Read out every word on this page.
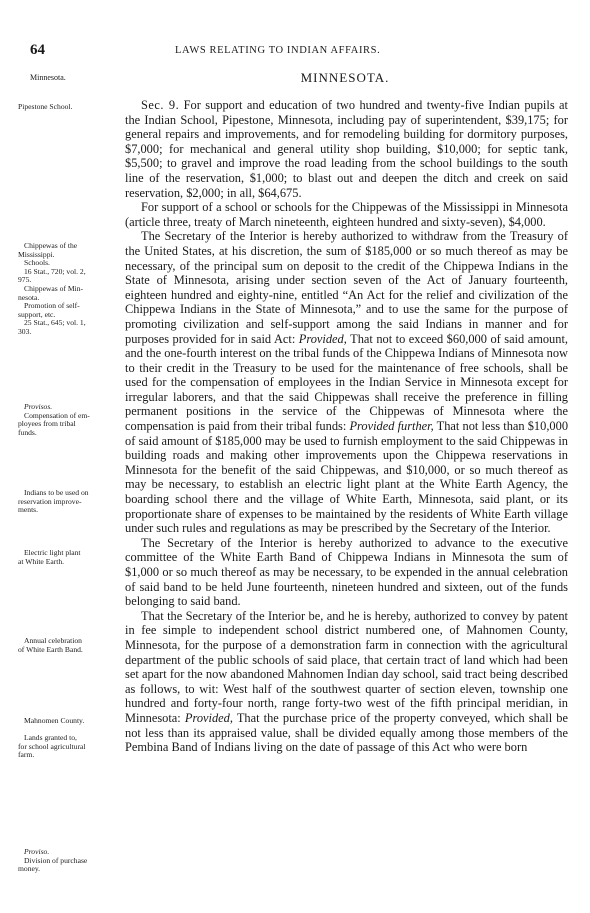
64	LAWS RELATING TO INDIAN AFFAIRS.
Minnesota.	MINNESOTA.
Pipestone School.
Chippewas of the
Mississippi.
Schools.
16 Stat., 720; vol. 2,
975.
Chippewas of Min-
nesota.
Promotion of self-
support, etc.
25 Stat., 645; vol. 1,
303.
Provisos.
Compensation of em-
ployees from tribal
funds.
Indians to be used on
reservation improve-
ments.
Electric light plant
at White Earth.
Annual celebration
of White Earth Band.
Mahnomen County.
Lands granted to,
for school agricultural
farm.
Proviso.
Division of purchase
money.

Sec. 9. For support and education of two hundred and twenty-five Indian pupils at the Indian School, Pipestone, Minnesota, including pay of superintendent, $39,175; for general repairs and improvements, and for remodeling building for dormitory purposes, $7,000; for mechanical and general utility shop building, $10,000; for septic tank, $5,500; to gravel and improve the road leading from the school buildings to the south line of the reservation, $1,000; to blast out and deepen the ditch and creek on said reservation, $2,000; in all, $64,675.

For support of a school or schools for the Chippewas of the Mississippi in Minnesota (article three, treaty of March nineteenth, eighteen hundred and sixty-seven), $4,000.

The Secretary of the Interior is hereby authorized to withdraw from the Treasury of the United States, at his discretion, the sum of $185,000 or so much thereof as may be necessary, of the principal sum on deposit to the credit of the Chippewa Indians in the State of Minnesota, arising under section seven of the Act of January fourteenth, eighteen hundred and eighty-nine, entitled “An Act for the relief and civilization of the Chippewa Indians in the State of Minnesota,” and to use the same for the purpose of promoting civilization and self-support among the said Indians in manner and for purposes provided for in said Act: Provided, That not to exceed $60,000 of said amount, and the one-fourth interest on the tribal funds of the Chippewa Indians of Minnesota now to their credit in the Treasury to be used for the maintenance of free schools, shall be used for the compensation of employees in the Indian Service in Minnesota except for irregular laborers, and that the said Chippewas shall receive the preference in filling permanent positions in the service of the Chippewas of Minnesota where the compensation is paid from their tribal funds: Provided further, That not less than $10,000 of said amount of $185,000 may be used to furnish employment to the said Chippewas in building roads and making other improvements upon the Chippewa reservations in Minnesota for the benefit of the said Chippewas, and $10,000, or so much thereof as may be necessary, to establish an electric light plant at the White Earth Agency, the boarding school there and the village of White Earth, Minnesota, said plant, or its proportionate share of expenses to be maintained by the residents of White Earth village under such rules and regulations as may be prescribed by the Secretary of the Interior.

The Secretary of the Interior is hereby authorized to advance to the executive committee of the White Earth Band of Chippewa Indians in Minnesota the sum of $1,000 or so much thereof as may be necessary, to be expended in the annual celebration of said band to be held June fourteenth, nineteen hundred and sixteen, out of the funds belonging to said band.

That the Secretary of the Interior be, and he is hereby, authorized to convey by patent in fee simple to independent school district numbered one, of Mahnomen County, Minnesota, for the purpose of a demonstration farm in connection with the agricultural department of the public schools of said place, that certain tract of land which had been set apart for the now abandoned Mahnomen Indian day school, said tract being described as follows, to wit: West half of the southwest quarter of section eleven, township one hundred and forty-four north, range forty-two west of the fifth principal meridian, in Minnesota: Provided, That the purchase price of the property conveyed, which shall be not less than its appraised value, shall be divided equally among those members of the Pembina Band of Indians living on the date of passage of this Act who were born
